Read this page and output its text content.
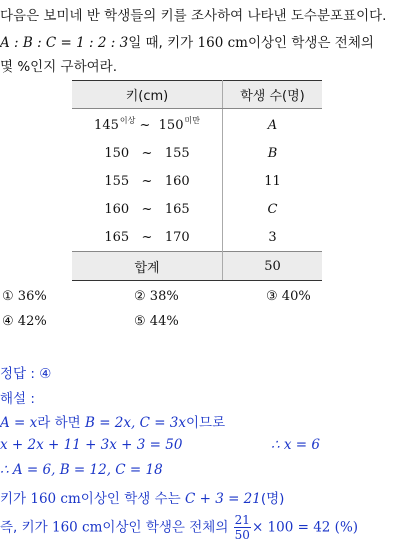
다음은 보미네 반 학생들의 키를 조사하여 나타낸 도수분포표이다.
A : B : C = 1 : 2 : 3일 때, 키가 160 cm이상인 학생은 전체의
몇 %인지 구하여라.
키(cm)	학생 수(명)
145이상 ~ 150미만	A
150 ~ 155	B
155 ~ 160	11
160 ~ 165	C
165 ~ 170	3
합계	50
① 36%	② 38%	③ 40%
④ 42%	⑤ 44%
정답 : ④
해설 :
A = x라 하면 B = 2x, C = 3x이므로
x + 2x + 11 + 3x + 3 = 50	∴ x = 6
∴ A = 6, B = 12, C = 18
키가 160 cm이상인 학생 수는 C + 3 = 21(명)
즉, 키가 160 cm이상인 학생은 전체의 $\frac{21}{50} \times 100 = 42$ (%)
